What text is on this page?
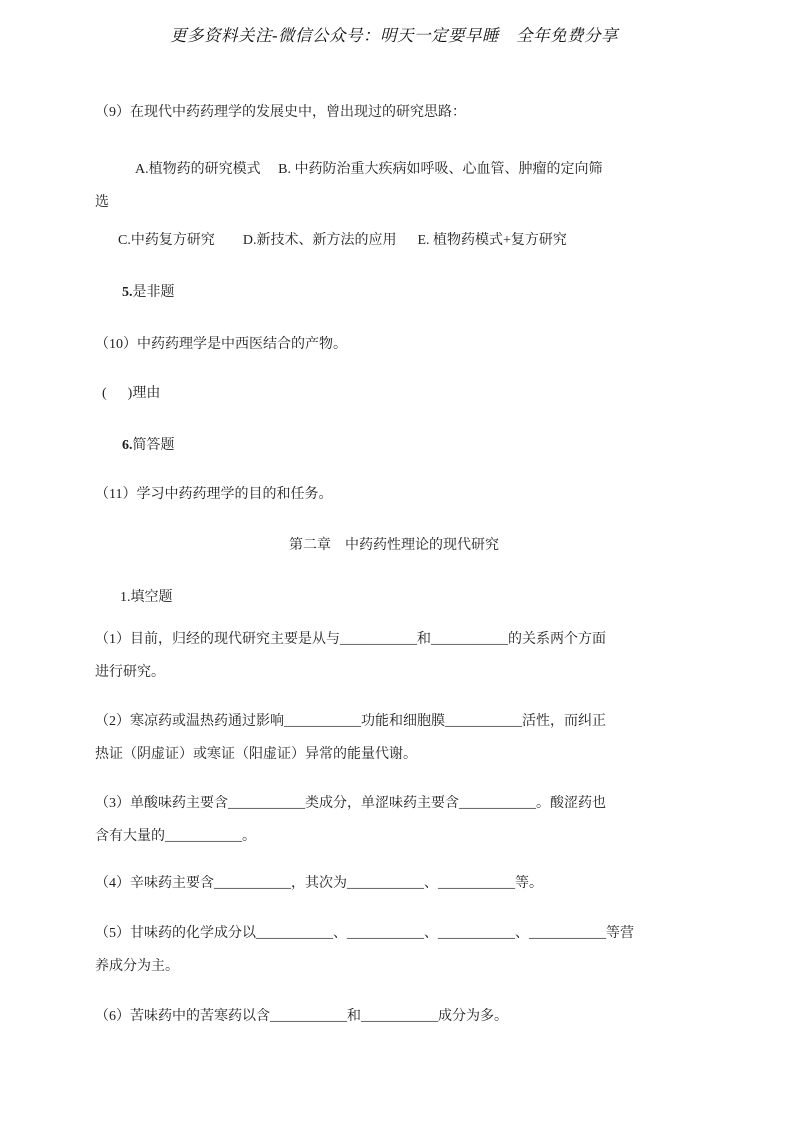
更多资料关注-微信公众号：明天一定要早睡　全年免费分享
（9）在现代中药药理学的发展史中，曾出现过的研究思路：
A.植物药的研究模式     B. 中药防治重大疾病如呼吸、心血管、肿瘤的定向筛
选
C.中药复方研究        D.新技术、新方法的应用      E. 植物药模式+复方研究
5.是非题
（10）中药药理学是中西医结合的产物。
(      )理由
6.简答题
（11）学习中药药理学的目的和任务。
第二章　中药药性理论的现代研究
1.填空题
（1）目前，归经的现代研究主要是从与___________和___________的关系两个方面
进行研究。
（2）寒凉药或温热药通过影响___________功能和细胞膜___________活性，而纠正
热证（阴虚证）或寒证（阳虚证）异常的能量代谢。
（3）单酸味药主要含___________类成分，单涩味药主要含___________。酸涩药也
含有大量的___________。
（4）辛味药主要含___________，其次为___________、___________等。
（5）甘味药的化学成分以___________、___________、___________、___________等营
养成分为主。
（6）苦味药中的苦寒药以含___________和___________成分为多。
